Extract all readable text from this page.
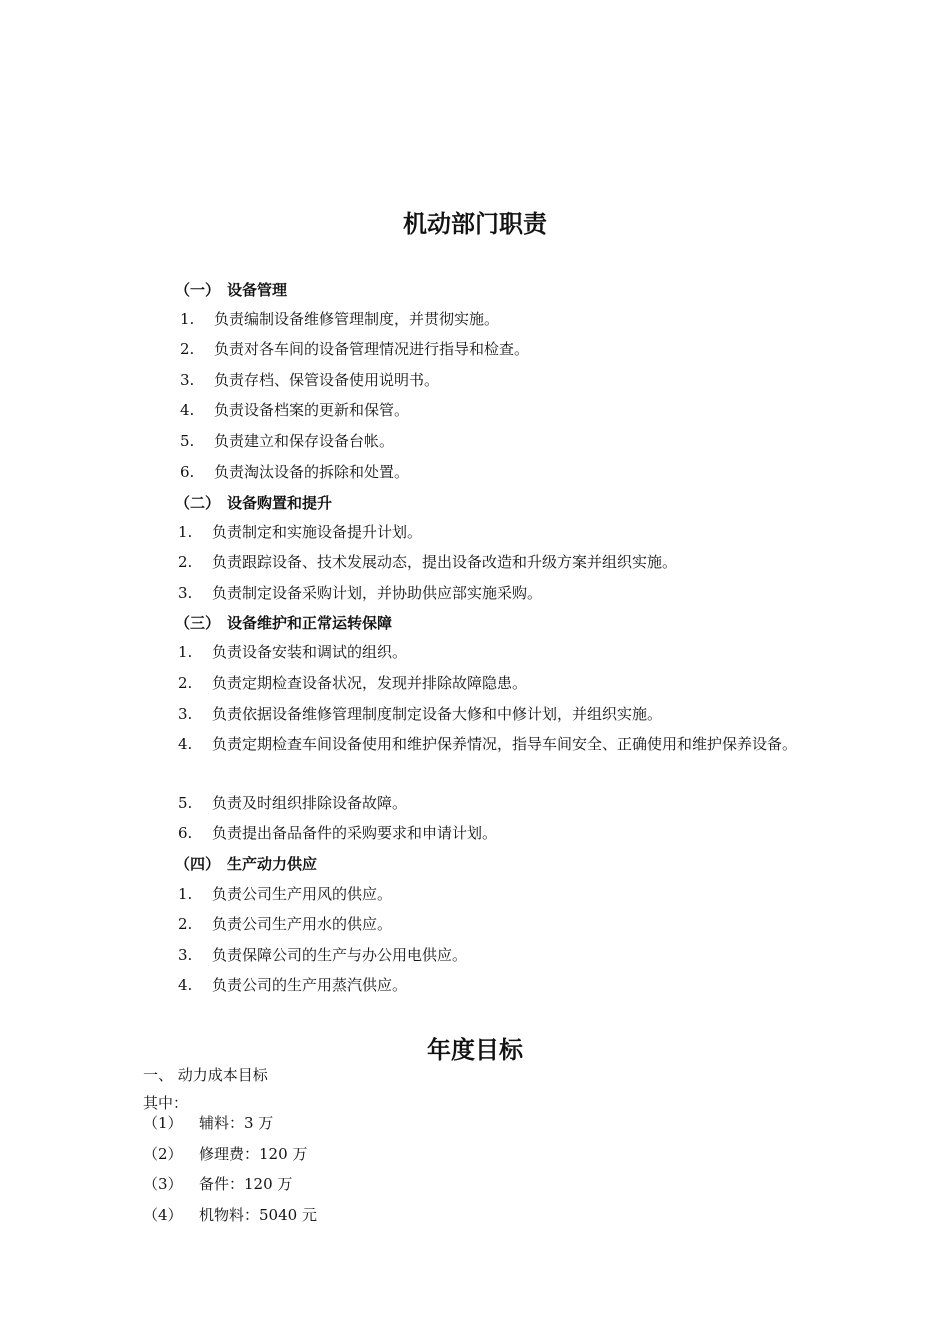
机动部门职责
（一） 设备管理
1. 负责编制设备维修管理制度，并贯彻实施。
2. 负责对各车间的设备管理情况进行指导和检查。
3. 负责存档、保管设备使用说明书。
4. 负责设备档案的更新和保管。
5. 负责建立和保存设备台帐。
6. 负责淘汰设备的拆除和处置。
（二） 设备购置和提升
1. 负责制定和实施设备提升计划。
2. 负责跟踪设备、技术发展动态，提出设备改造和升级方案并组织实施。
3. 负责制定设备采购计划，并协助供应部实施采购。
（三） 设备维护和正常运转保障
1. 负责设备安装和调试的组织。
2. 负责定期检查设备状况，发现并排除故障隐患。
3. 负责依据设备维修管理制度制定设备大修和中修计划，并组织实施。
4. 负责定期检查车间设备使用和维护保养情况，指导车间安全、正确使用和维护保养设备。
5. 负责及时组织排除设备故障。
6. 负责提出备品备件的采购要求和申请计划。
（四） 生产动力供应
1. 负责公司生产用风的供应。
2. 负责公司生产用水的供应。
3. 负责保障公司的生产与办公用电供应。
4. 负责公司的生产用蒸汽供应。
年度目标
一、 动力成本目标
其中：
（1） 辅料：3 万
（2） 修理费：120 万
（3） 备件：120 万
（4） 机物料：5040 元
